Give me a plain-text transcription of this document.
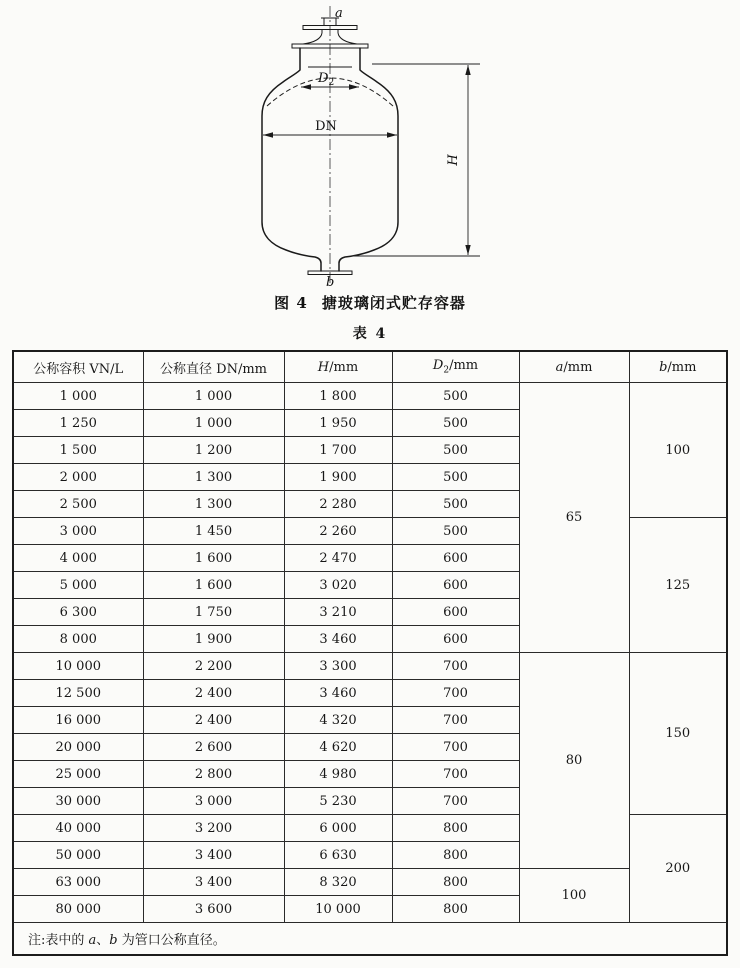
a
b
$D_2$
DN
H
图 4 搪玻璃闭式贮存容器
表 4
公称容积 VN/L	公称直径 DN/mm	H/mm	$D_2/mm$	a/mm	b/mm
1 000	1 000	1 800	500	65	100
1 250	1 000	1 950	500		
1 500	1 200	1 700	500		
2 000	1 300	1 900	500		
2 500	1 300	2 280	500		
3 000	1 450	2 260	500		125
4 000	1 600	2 470	600		
5 000	1 600	3 020	600		
6 300	1 750	3 210	600		
8 000	1 900	3 460	600		
10 000	2 200	3 300	700	80	150
12 500	2 400	3 460	700		
16 000	2 400	4 320	700		
20 000	2 600	4 620	700		
25 000	2 800	4 980	700		
30 000	3 000	5 230	700		
40 000	3 200	6 000	800		200
50 000	3 400	6 630	800		
63 000	3 400	8 320	800	100	
80 000	3 600	10 000	800		
注:表中的 a、b 为管口公称直径。					
